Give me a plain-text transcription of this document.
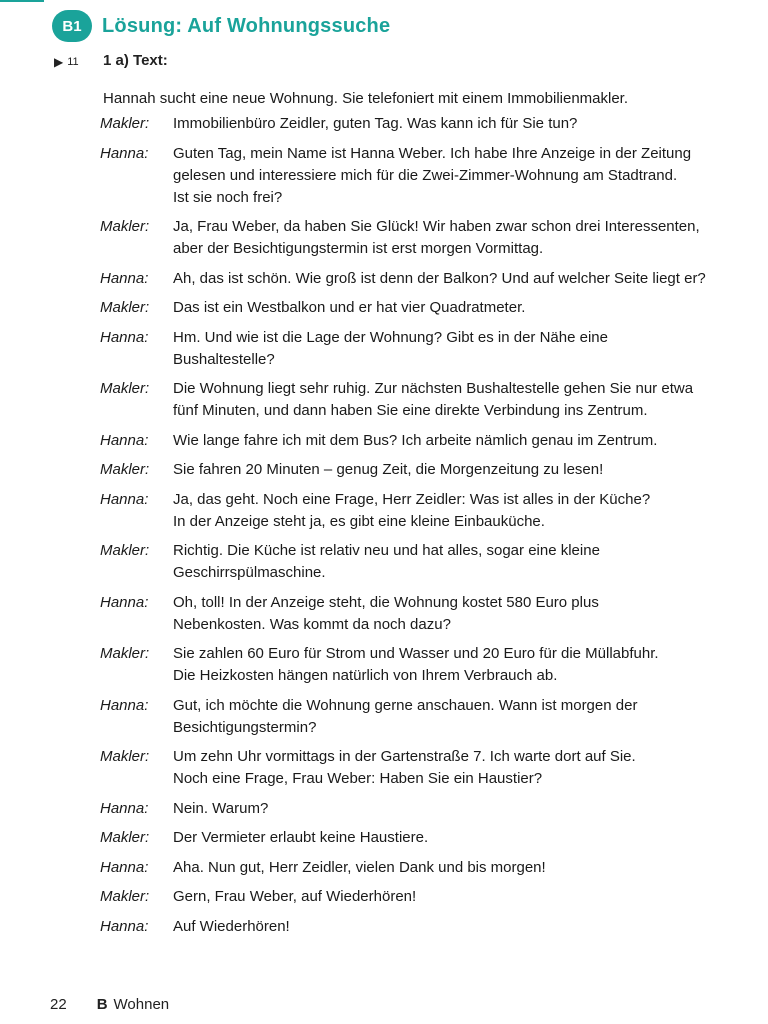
B1	Lösung: Auf Wohnungssuche
▶ 11 1 a) Text:
Hannah sucht eine neue Wohnung. Sie telefoniert mit einem Immobilienmakler.
Makler:	Immobilienbüro Zeidler, guten Tag. Was kann ich für Sie tun?
Hanna:	Guten Tag, mein Name ist Hanna Weber. Ich habe Ihre Anzeige in der Zeitung
gelesen und interessiere mich für die Zwei-Zimmer-Wohnung am Stadtrand.
Ist sie noch frei?
Makler:	Ja, Frau Weber, da haben Sie Glück! Wir haben zwar schon drei Interessenten,
aber der Besichtigungstermin ist erst morgen Vormittag.
Hanna:	Ah, das ist schön. Wie groß ist denn der Balkon? Und auf welcher Seite liegt er?
Makler:	Das ist ein Westbalkon und er hat vier Quadratmeter.
Hanna:	Hm. Und wie ist die Lage der Wohnung? Gibt es in der Nähe eine
Bushaltestelle?
Makler:	Die Wohnung liegt sehr ruhig. Zur nächsten Bushaltestelle gehen Sie nur etwa
fünf Minuten, und dann haben Sie eine direkte Verbindung ins Zentrum.
Hanna:	Wie lange fahre ich mit dem Bus? Ich arbeite nämlich genau im Zentrum.
Makler:	Sie fahren 20 Minuten – genug Zeit, die Morgenzeitung zu lesen!
Hanna:	Ja, das geht. Noch eine Frage, Herr Zeidler: Was ist alles in der Küche?
In der Anzeige steht ja, es gibt eine kleine Einbauküche.
Makler:	Richtig. Die Küche ist relativ neu und hat alles, sogar eine kleine
Geschirrspülmaschine.
Hanna:	Oh, toll! In der Anzeige steht, die Wohnung kostet 580 Euro plus
Nebenkosten. Was kommt da noch dazu?
Makler:	Sie zahlen 60 Euro für Strom und Wasser und 20 Euro für die Müllabfuhr.
Die Heizkosten hängen natürlich von Ihrem Verbrauch ab.
Hanna:	Gut, ich möchte die Wohnung gerne anschauen. Wann ist morgen der
Besichtigungstermin?
Makler:	Um zehn Uhr vormittags in der Gartenstraße 7. Ich warte dort auf Sie.
Noch eine Frage, Frau Weber: Haben Sie ein Haustier?
Hanna:	Nein. Warum?
Makler:	Der Vermieter erlaubt keine Haustiere.
Hanna:	Aha. Nun gut, Herr Zeidler, vielen Dank und bis morgen!
Makler:	Gern, Frau Weber, auf Wiederhören!
Hanna:	Auf Wiederhören!
22 B Wohnen
